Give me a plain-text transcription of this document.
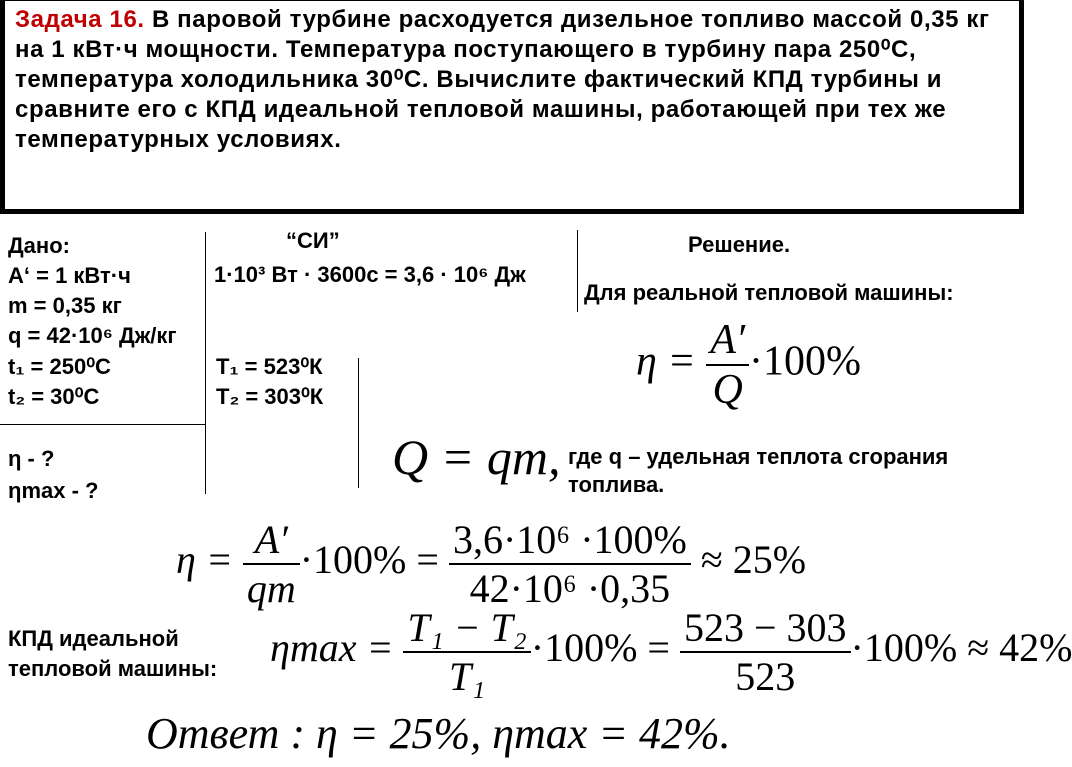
Задача 16. В паровой турбине расходуется дизельное топливо массой 0,35 кг на 1 кВт·ч мощности. Температура поступающего в турбину пара 250⁰С, температура холодильника 30⁰С. Вычислите фактический КПД турбины и сравните его с КПД идеальной тепловой машины, работающей при тех же температурных условиях.

Дано:
A‘ = 1 кВт·ч
m = 0,35 кг
q = 42·10⁶ Дж/кг
t₁ = 250⁰С
t₂ = 30⁰С
η - ?
ηmax - ?
“СИ”
1·10³ Вт · 3600с = 3,6 · 10⁶ Дж
Т₁ = 523⁰К
Т₂ = 303⁰К
Решение.
Для реальной тепловой машины:
$\eta = \frac{A'}{Q} \cdot 100\%$
Q = qm, где q – удельная теплота сгорания топлива.
$\eta = \frac{A'}{qm} \cdot 100\% = \frac{\text{3,6·10⁶ ·100\%}}{\text{42·10⁶ ·0,35}} \approx 25\%$
КПД идеальной тепловой машины:	$\eta\max = \frac{\text{T₁ − T₂}}{\text{T₁}} \cdot 100\% = \frac{523 - 303}{523} \cdot 100\% \approx 42\%$
Ответ : η = 25%, ηmax = 42%.
